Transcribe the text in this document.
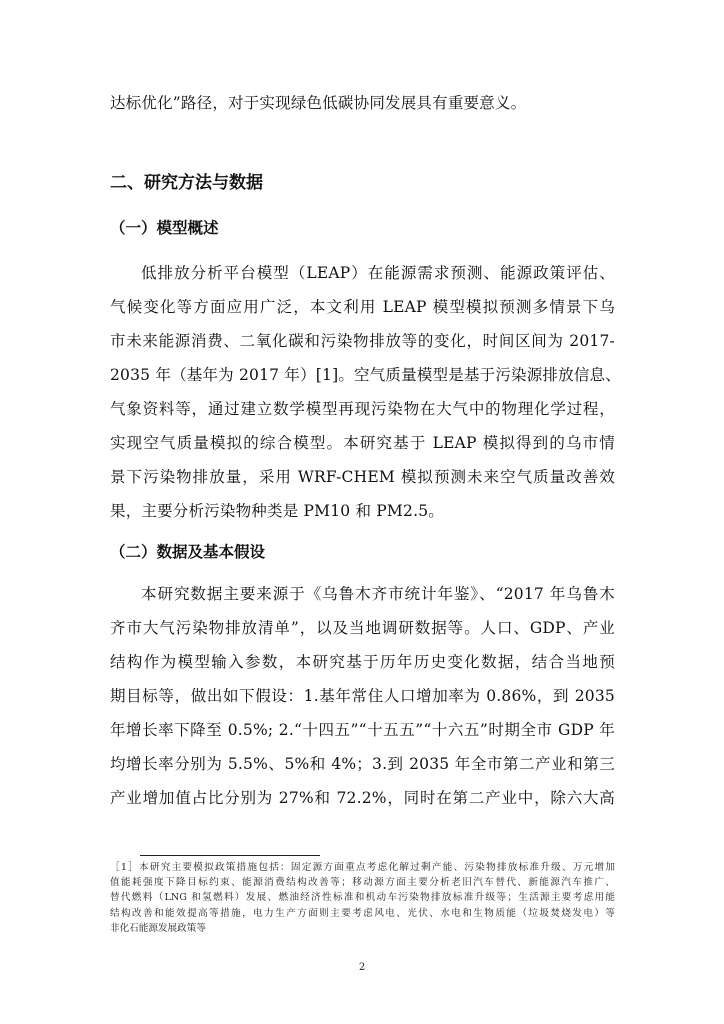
达标优化”路径，对于实现绿色低碳协同发展具有重要意义。
二、研究方法与数据
（一）模型概述
低排放分析平台模型（LEAP）在能源需求预测、能源政策评估、
气候变化等方面应用广泛，本文利用 LEAP 模型模拟预测多情景下乌
市未来能源消费、二氧化碳和污染物排放等的变化，时间区间为 2017-
2035 年（基年为 2017 年）[1]。空气质量模型是基于污染源排放信息、
气象资料等，通过建立数学模型再现污染物在大气中的物理化学过程，
实现空气质量模拟的综合模型。本研究基于 LEAP 模拟得到的乌市情
景下污染物排放量，采用 WRF-CHEM 模拟预测未来空气质量改善效
果，主要分析污染物种类是 PM10 和 PM2.5。
（二）数据及基本假设
本研究数据主要来源于《乌鲁木齐市统计年鉴》、“2017 年乌鲁木
齐市大气污染物排放清单”，以及当地调研数据等。人口、GDP、产业
结构作为模型输入参数，本研究基于历年历史变化数据，结合当地预
期目标等，做出如下假设：1.基年常住人口增加率为 0.86%，到 2035
年增长率下降至 0.5%; 2.“十四五”“十五五”“十六五”时期全市 GDP 年
均增长率分别为 5.5%、5%和 4%；3.到 2035 年全市第二产业和第三
产业增加值占比分别为 27%和 72.2%，同时在第二产业中，除六大高
［1］本研究主要模拟政策措施包括：固定源方面重点考虑化解过剩产能、污染物排放标准升级、万元增加
值能耗强度下降目标约束、能源消费结构改善等；移动源方面主要分析老旧汽车替代、新能源汽车推广、
替代燃料（LNG 和氢燃料）发展、燃油经济性标准和机动车污染物排放标准升级等；生活源主要考虑用能
结构改善和能效提高等措施，电力生产方面则主要考虑风电、光伏、水电和生物质能（垃圾焚烧发电）等
非化石能源发展政策等
2
